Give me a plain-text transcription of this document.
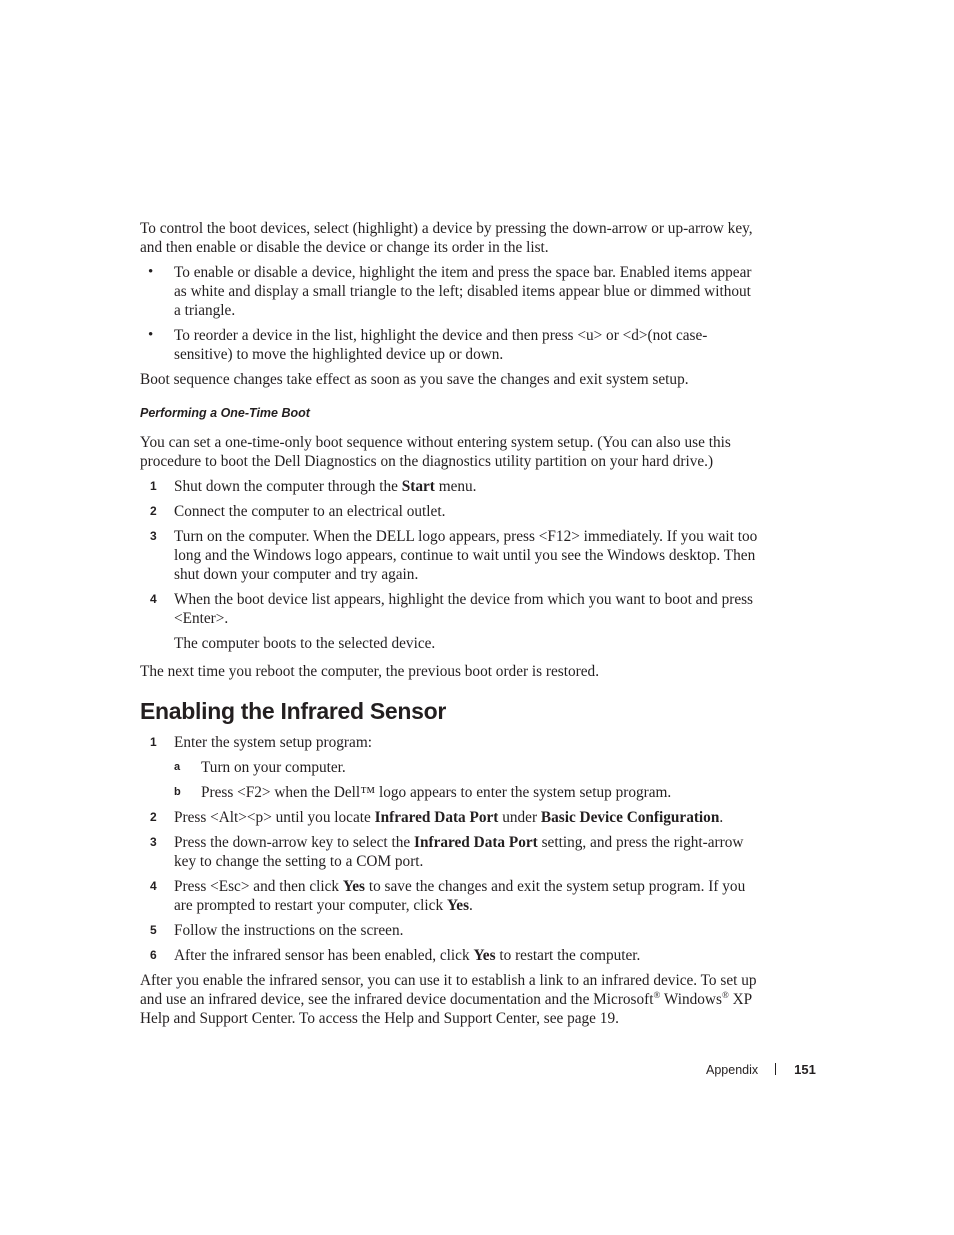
To control the boot devices, select (highlight) a device by pressing the down-arrow or up-arrow key, and then enable or disable the device or change its order in the list.

• To enable or disable a device, highlight the item and press the space bar. Enabled items appear as white and display a small triangle to the left; disabled items appear blue or dimmed without a triangle.

• To reorder a device in the list, highlight the device and then press <u> or <d>(not case-sensitive) to move the highlighted device up or down.

Boot sequence changes take effect as soon as you save the changes and exit system setup.

Performing a One-Time Boot

You can set a one-time-only boot sequence without entering system setup. (You can also use this procedure to boot the Dell Diagnostics on the diagnostics utility partition on your hard drive.)

1 Shut down the computer through the Start menu.

2 Connect the computer to an electrical outlet.

3 Turn on the computer. When the DELL logo appears, press <F12> immediately. If you wait too long and the Windows logo appears, continue to wait until you see the Windows desktop. Then shut down your computer and try again.

4 When the boot device list appears, highlight the device from which you want to boot and press <Enter>.

The computer boots to the selected device.

The next time you reboot the computer, the previous boot order is restored.

Enabling the Infrared Sensor
1 Enter the system setup program:

a Turn on your computer.

b Press <F2> when the Dell™ logo appears to enter the system setup program.

2 Press <Alt><p> until you locate Infrared Data Port under Basic Device Configuration.

3 Press the down-arrow key to select the Infrared Data Port setting, and press the right-arrow key to change the setting to a COM port.

4 Press <Esc> and then click Yes to save the changes and exit the system setup program. If you are prompted to restart your computer, click Yes.

5 Follow the instructions on the screen.

6 After the infrared sensor has been enabled, click Yes to restart the computer.

After you enable the infrared sensor, you can use it to establish a link to an infrared device. To set up and use an infrared device, see the infrared device documentation and the Microsoft® Windows® XP Help and Support Center. To access the Help and Support Center, see page 19.

Appendix	151
